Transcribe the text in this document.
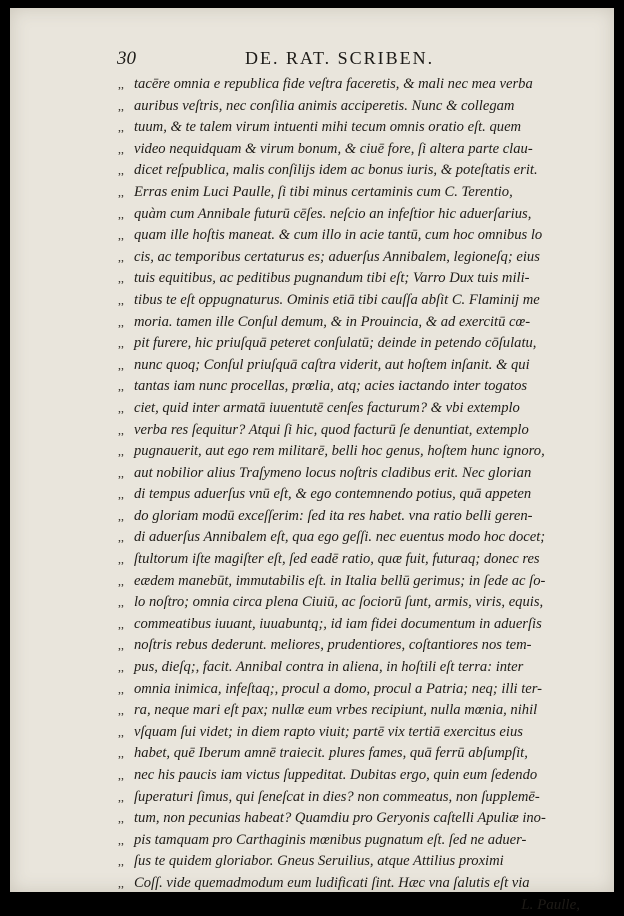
30	DE. RAT. SCRIBEN.
,, tacēre omnia e republica fide veſtra faceretis, & mali nec mea verba
,, auribus veſtris, nec conſilia animis acciperetis. Nunc & collegam
,, tuum, & te talem virum intuenti mihi tecum omnis oratio eſt. quem
,, video nequidquam & virum bonum, & ciuē fore, ſi altera parte clau-
,, dicet reſpublica, malis conſilijs idem ac bonus iuris, & poteſtatis erit.
,, Erras enim Luci Paulle, ſi tibi minus certaminis cum C. Terentio,
,, quàm cum Annibale futurū cēſes. neſcio an infeſtior hic aduerſarius,
,, quam ille hoſtis maneat. & cum illo in acie tantū, cum hoc omnibus lo
,, cis, ac temporibus certaturus es; aduerſus Annibalem, legioneſq; eius
,, tuis equitibus, ac peditibus pugnandum tibi eſt; Varro Dux tuis mili-
,, tibus te eſt oppugnaturus. Ominis etiā tibi cauſſa abſit C. Flaminij me
,, moria. tamen ille Conſul demum, & in Prouincia, & ad exercitū cœ-
,, pit furere, hic priuſquā peteret conſulatū; deinde in petendo cōſulatu,
,, nunc quoq; Conſul priuſquā caſtra viderit, aut hoſtem inſanit. & qui
,, tantas iam nunc procellas, prœlia, atq; acies iactando inter togatos
,, ciet, quid inter armatā iuuentutē cenſes facturum? & vbi extemplo
,, verba res ſequitur? Atqui ſi hic, quod facturū ſe denuntiat, extemplo
,, pugnauerit, aut ego rem militarē, belli hoc genus, hoſtem hunc ignoro,
,, aut nobilior alius Traſymeno locus noſtris cladibus erit. Nec glorian
,, di tempus aduerſus vnū eſt, & ego contemnendo potius, quā appeten
,, do gloriam modū exceſſerim: ſed ita res habet. vna ratio belli geren-
,, di aduerſus Annibalem eſt, qua ego geſſi. nec euentus modo hoc docet;
,, ſtultorum iſte magiſter eſt, ſed eadē ratio, quæ fuit, futuraq; donec res
,, eædem manebūt, immutabilis eſt. in Italia bellū gerimus; in ſede ac ſo-
,, lo noſtro; omnia circa plena Ciuiū, ac ſociorū ſunt, armis, viris, equis,
,, commeatibus iuuant, iuuabuntq;, id iam fidei documentum in aduerſis
,, noſtris rebus dederunt. meliores, prudentiores, coſtantiores nos tem-
,, pus, dieſq;, facit. Annibal contra in aliena, in hoſtili eſt terra: inter
,, omnia inimica, infeſtaq;, procul a domo, procul a Patria; neq; illi ter-
,, ra, neque mari eſt pax; nullæ eum vrbes recipiunt, nulla mœnia, nihil
,, vſquam ſui videt; in diem rapto viuit; partē vix tertiā exercitus eius
,, habet, quē Iberum amnē traiecit. plures fames, quā ferrū abſumpſit,
,, nec his paucis iam victus ſuppeditat. Dubitas ergo, quin eum ſedendo
,, ſuperaturi ſimus, qui ſeneſcat in dies? non commeatus, non ſupplemē-
,, tum, non pecunias habeat? Quamdiu pro Geryonis caſtelli Apuliæ ino-
,, pis tamquam pro Carthaginis mœnibus pugnatum eſt. ſed ne aduer-
,, ſus te quidem gloriabor. Gneus Seruilius, atque Attilius proximi
,, Coſſ. vide quemadmodum eum ludificati ſint. Hæc vna ſalutis eſt via
L. Paulle,
